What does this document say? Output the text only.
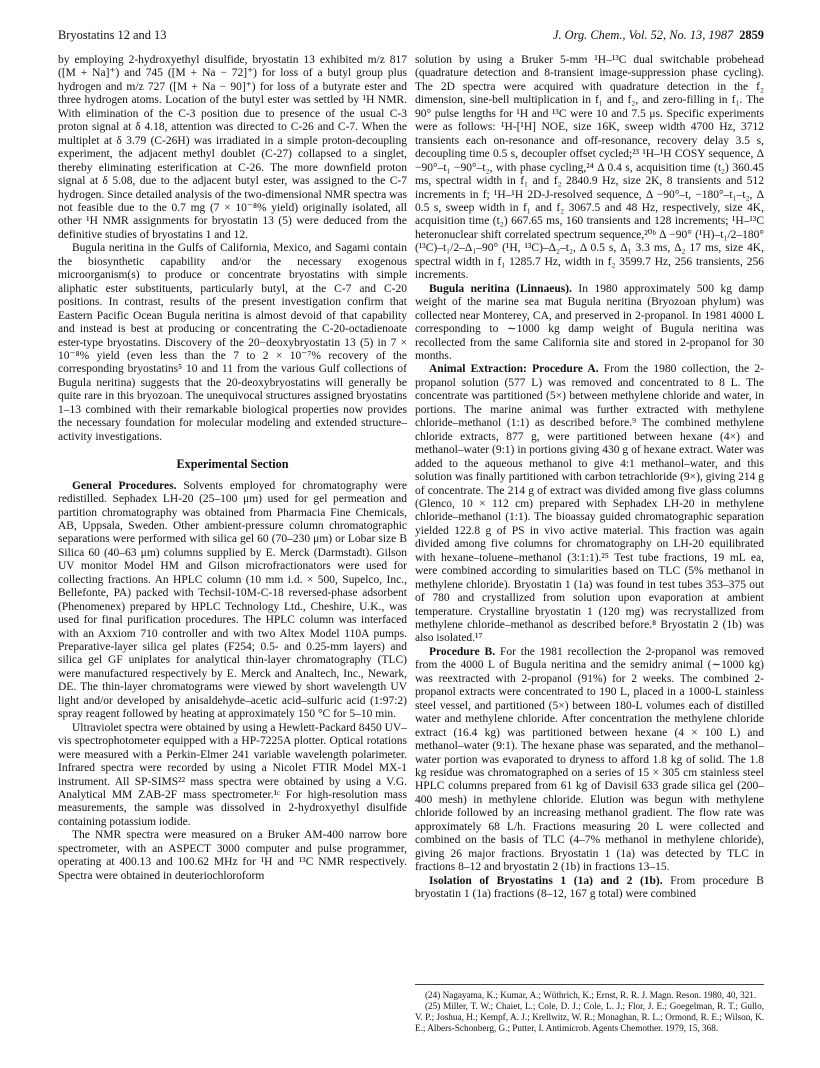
Bryostatins 12 and 13	J. Org. Chem., Vol. 52, No. 13, 1987 2859

by employing 2-hydroxyethyl disulfide, bryostatin 13 exhibited m/z 817 ([M + Na]⁺) and 745 ([M + Na − 72]⁺) for loss of a butyl group plus hydrogen and m/z 727 ([M + Na − 90]⁺) for loss of a butyrate ester and three hydrogen atoms. Location of the butyl ester was settled by ¹H NMR. With elimination of the C-3 position due to presence of the usual C-3 proton signal at δ 4.18, attention was directed to C-26 and C-7. When the multiplet at δ 3.79 (C-26H) was irradiated in a simple proton-decoupling experiment, the adjacent methyl doublet (C-27) collapsed to a singlet, thereby eliminating esterification at C-26. The more downfield proton signal at δ 5.08, due to the adjacent butyl ester, was assigned to the C-7 hydrogen. Since detailed analysis of the two-dimensional NMR spectra was not feasible due to the 0.7 mg (7 × 10⁻⁸% yield) originally isolated, all other ¹H NMR assignments for bryostatin 13 (5) were deduced from the definitive studies of bryostatins 1 and 12.

Bugula neritina in the Gulfs of California, Mexico, and Sagami contain the biosynthetic capability and/or the necessary exogenous microorganism(s) to produce or concentrate bryostatins with simple aliphatic ester substituents, particularly butyl, at the C-7 and C-20 positions. In contrast, results of the present investigation confirm that Eastern Pacific Ocean Bugula neritina is almost devoid of that capability and instead is best at producing or concentrating the C-20-octadienoate ester-type bryostatins. Discovery of the 20−deoxybryostatin 13 (5) in 7 × 10⁻⁸% yield (even less than the 7 to 2 × 10⁻⁷% recovery of the corresponding bryostatins⁵ 10 and 11 from the various Gulf collections of Bugula neritina) suggests that the 20-deoxybryostatins will generally be quite rare in this bryozoan. The unequivocal structures assigned bryostatins 1–13 combined with their remarkable biological properties now provides the necessary foundation for molecular modeling and extended structure–activity investigations.

Experimental Section

General Procedures. Solvents employed for chromatography were redistilled. Sephadex LH-20 (25–100 μm) used for gel permeation and partition chromatography was obtained from Pharmacia Fine Chemicals, AB, Uppsala, Sweden. Other ambient-pressure column chromatographic separations were performed with silica gel 60 (70–230 μm) or Lobar size B Silica 60 (40–63 μm) columns supplied by E. Merck (Darmstadt). Gilson UV monitor Model HM and Gilson microfractionators were used for collecting fractions. An HPLC column (10 mm i.d. × 500, Supelco, Inc., Bellefonte, PA) packed with Techsil-10M-C-18 reversed-phase adsorbent (Phenomenex) prepared by HPLC Technology Ltd., Cheshire, U.K., was used for final purification procedures. The HPLC column was interfaced with an Axxiom 710 controller and with two Altex Model 110A pumps. Preparative-layer silica gel plates (F254; 0.5- and 0.25-mm layers) and silica gel GF uniplates for analytical thin-layer chromatography (TLC) were manufactured respectively by E. Merck and Analtech, Inc., Newark, DE. The thin-layer chromatograms were viewed by short wavelength UV light and/or developed by anisaldehyde–acetic acid–sulfuric acid (1:97:2) spray reagent followed by heating at approximately 150 °C for 5–10 min.

Ultraviolet spectra were obtained by using a Hewlett-Packard 8450 UV–vis spectrophotometer equipped with a HP-7225A plotter. Optical rotations were measured with a Perkin-Elmer 241 variable wavelength polarimeter. Infrared spectra were recorded by using a Nicolet FTIR Model MX-1 instrument. All SP-SIMS²² mass spectra were obtained by using a V.G. Analytical MM ZAB-2F mass spectrometer.¹ᶜ For high-resolution mass measurements, the sample was dissolved in 2-hydroxyethyl disulfide containing potassium iodide.

The NMR spectra were measured on a Bruker AM-400 narrow bore spectrometer, with an ASPECT 3000 computer and pulse programmer, operating at 400.13 and 100.62 MHz for ¹H and ¹³C NMR respectively. Spectra were obtained in deuteriochloroform

solution by using a Bruker 5-mm ¹H–¹³C dual switchable probehead (quadrature detection and 8-transient image-suppression phase cycling). The 2D spectra were acquired with quadrature detection in the f₂ dimension, sine-bell multiplication in f₁ and f₂, and zero-filling in f₁. The 90° pulse lengths for ¹H and ¹³C were 10 and 7.5 μs. Specific experiments were as follows: ¹H-[¹H] NOE, size 16K, sweep width 4700 Hz, 3712 transients each on-resonance and off-resonance, recovery delay 3.5 s, decoupling time 0.5 s, decoupler offset cycled;²³ ¹H–¹H COSY sequence, Δ −90°–t₁ −90°–t₂, with phase cycling,²⁴ Δ 0.4 s, acquisition time (t₂) 360.45 ms, spectral width in f₁ and f₂ 2840.9 Hz, size 2K, 8 transients and 512 increments in f; ¹H–¹H 2D-J-resolved sequence, Δ −90°–t, −180°–t₁–t₂, Δ 0.5 s, sweep width in f₁ and f₂ 3067.5 and 48 Hz, respectively, size 4K, acquisition time (t₂) 667.65 ms, 160 transients and 128 increments; ¹H–¹³C heteronuclear shift correlated spectrum sequence,²⁰ᵇ Δ −90° (¹H)–t₁/2–180° (¹³C)–t₁/2–Δ₁–90° (¹H, ¹³C)–Δ₂–t₂, Δ 0.5 s, Δ₁ 3.3 ms, Δ₂ 17 ms, size 4K, spectral width in f₁ 1285.7 Hz, width in f₂ 3599.7 Hz, 256 transients, 256 increments.

Bugula neritina (Linnaeus). In 1980 approximately 500 kg damp weight of the marine sea mat Bugula neritina (Bryozoan phylum) was collected near Monterey, CA, and preserved in 2-propanol. In 1981 4000 L corresponding to ∼1000 kg damp weight of Bugula neritina was recollected from the same California site and stored in 2-propanol for 30 months.

Animal Extraction: Procedure A. From the 1980 collection, the 2-propanol solution (577 L) was removed and concentrated to 8 L. The concentrate was partitioned (5×) between methylene chloride and water, in portions. The marine animal was further extracted with methylene chloride–methanol (1:1) as described before.⁹ The combined methylene chloride extracts, 877 g, were partitioned between hexane (4×) and methanol–water (9:1) in portions giving 430 g of hexane extract. Water was added to the aqueous methanol to give 4:1 methanol–water, and this solution was finally partitioned with carbon tetrachloride (9×), giving 214 g of concentrate. The 214 g of extract was divided among five glass columns (Glenco, 10 × 112 cm) prepared with Sephadex LH-20 in methylene chloride–methanol (1:1). The bioassay guided chromatographic separation yielded 122.8 g of PS in vivo active material. This fraction was again divided among five columns for chromatography on LH-20 equilibrated with hexane–toluene–methanol (3:1:1).²⁵ Test tube fractions, 19 mL ea, were combined according to simularities based on TLC (5% methanol in methylene chloride). Bryostatin 1 (1a) was found in test tubes 353–375 out of 780 and crystallized from solution upon evaporation at ambient temperature. Crystalline bryostatin 1 (120 mg) was recrystallized from methylene chloride–methanol as described before.⁸ Bryostatin 2 (1b) was also isolated.¹⁷

Procedure B. For the 1981 recollection the 2-propanol was removed from the 4000 L of Bugula neritina and the semidry animal (∼1000 kg) was reextracted with 2-propanol (91%) for 2 weeks. The combined 2-propanol extracts were concentrated to 190 L, placed in a 1000-L stainless steel vessel, and partitioned (5×) between 180-L volumes each of distilled water and methylene chloride. After concentration the methylene chloride extract (16.4 kg) was partitioned between hexane (4 × 100 L) and methanol–water (9:1). The hexane phase was separated, and the methanol–water portion was evaporated to dryness to afford 1.8 kg of solid. The 1.8 kg residue was chromatographed on a series of 15 × 305 cm stainless steel HPLC columns prepared from 61 kg of Davisil 633 grade silica gel (200–400 mesh) in methylene chloride. Elution was begun with methylene chloride followed by an increasing methanol gradient. The flow rate was approximately 68 L/h. Fractions measuring 20 L were collected and combined on the basis of TLC (4–7% methanol in methylene chloride), giving 26 major fractions. Bryostatin 1 (1a) was detected by TLC in fractions 8–12 and bryostatin 2 (1b) in fractions 13–15.

Isolation of Bryostatins 1 (1a) and 2 (1b). From procedure B bryostatin 1 (1a) fractions (8–12, 167 g total) were combined

(24) Nagayama, K.; Kumar, A.; Wüthrich, K.; Ernst, R. R. J. Magn. Reson. 1980, 40, 321.
(25) Miller, T. W.; Chaiet, L.; Cole, D. J.; Cole, L. J.; Flor, J. E.; Goegelman, R. T.; Gullo, V. P.; Joshua, H.; Kempf, A. J.; Krellwitz, W. R.; Monaghan, R. L.; Ormond, R. E.; Wilson, K. E.; Albers-Schonberg, G.; Putter, I. Antimicrob. Agents Chemother. 1979, 15, 368.
